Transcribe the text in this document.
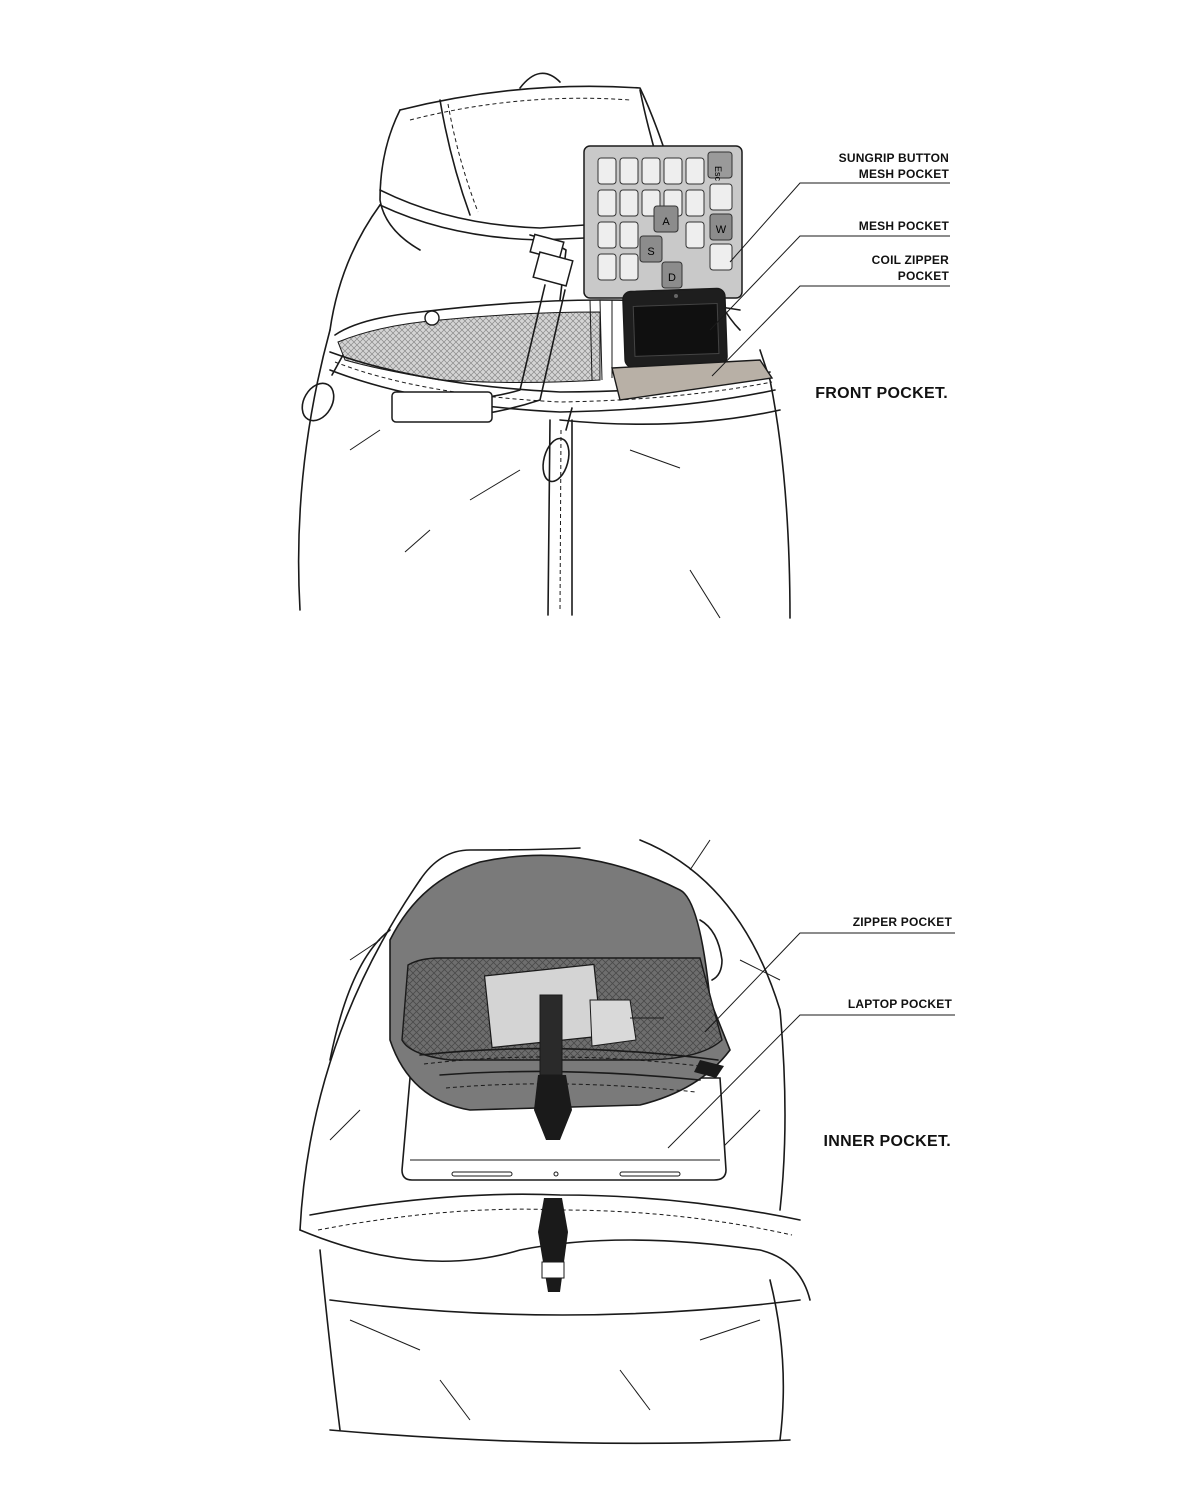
Esc
A
S
D
W
SUNGRIP BUTTON
MESH POCKET
MESH POCKET
COIL ZIPPER
POCKET
FRONT POCKET.
ZIPPER POCKET
LAPTOP POCKET
INNER POCKET.
